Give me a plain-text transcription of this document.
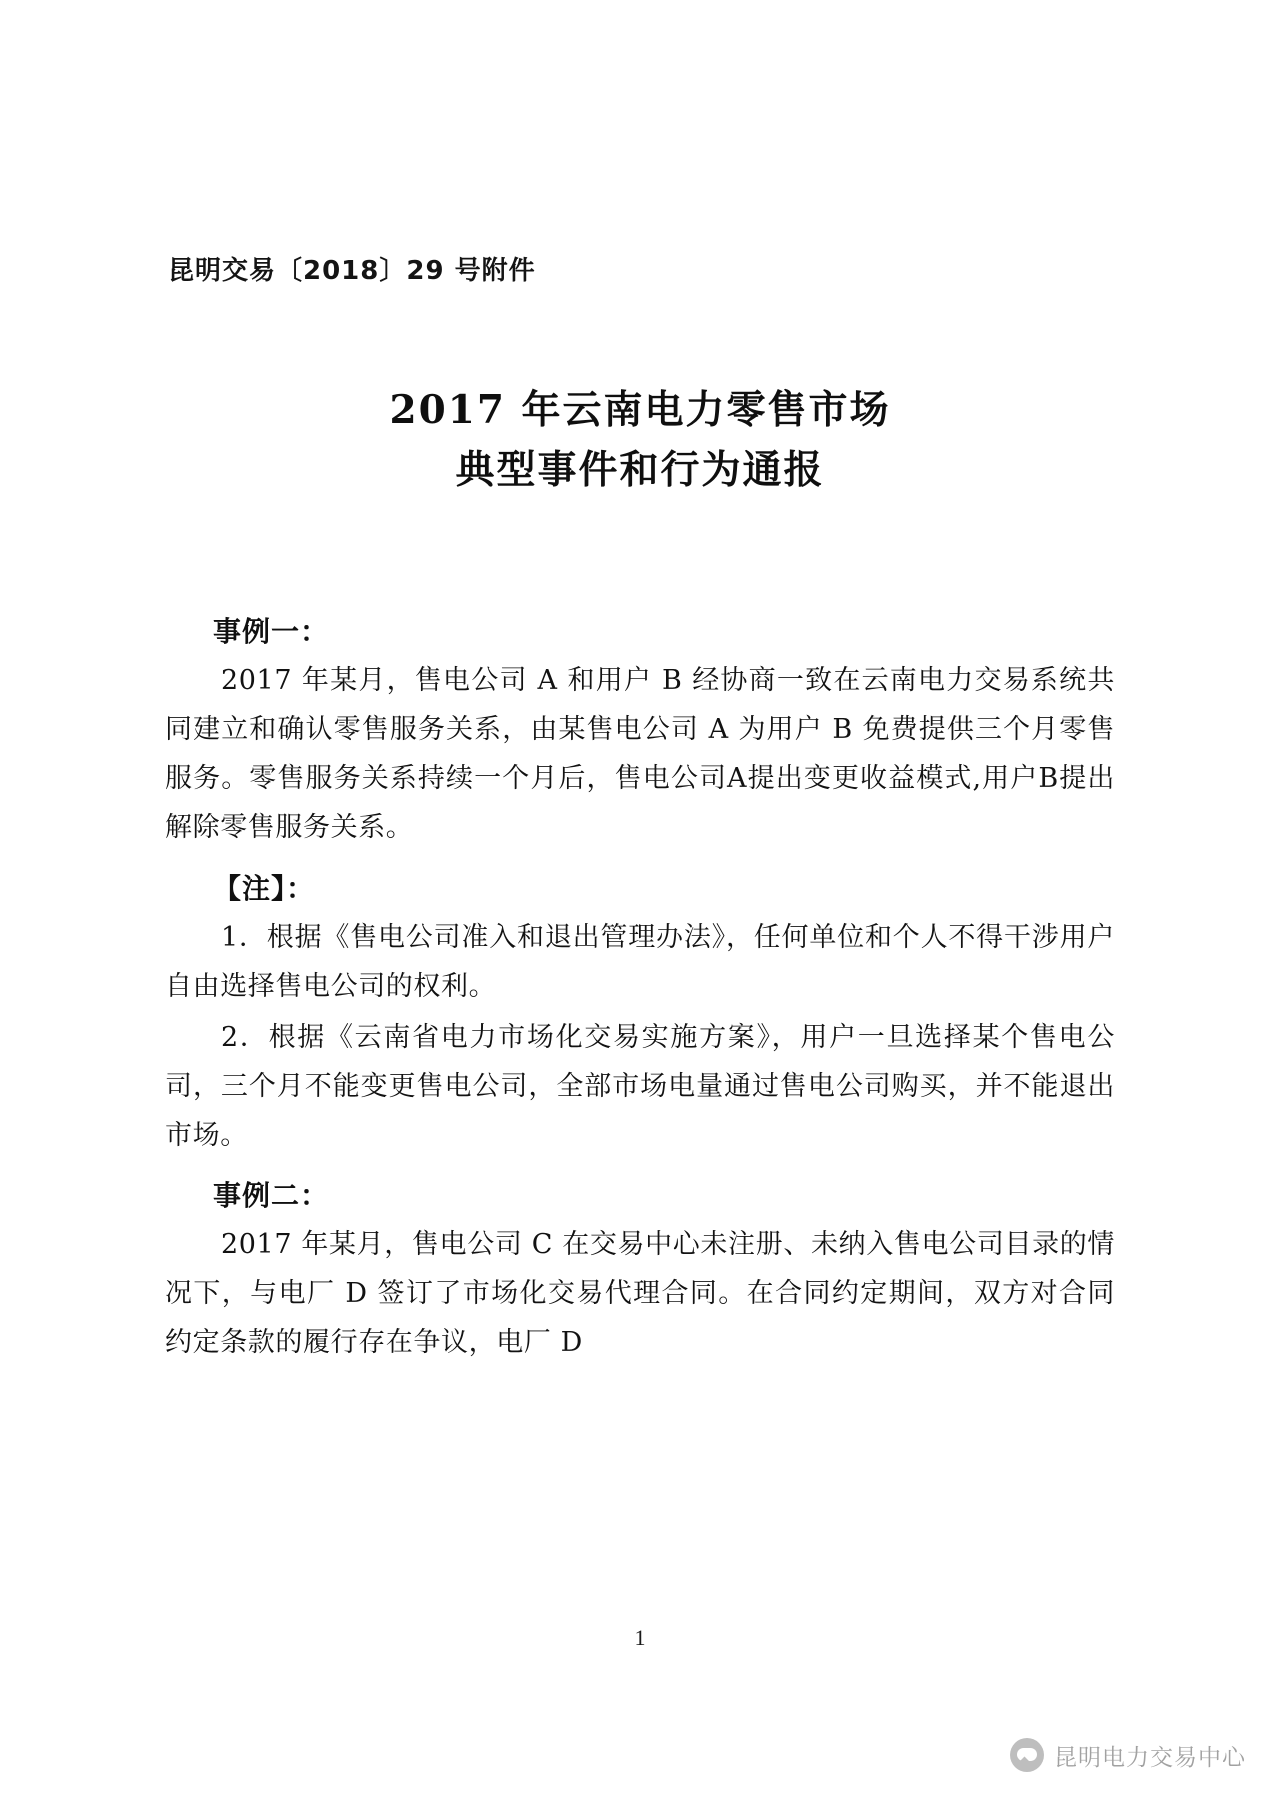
昆明交易〔2018〕29 号附件
2017 年云南电力零售市场
典型事件和行为通报
事例一：

2017 年某月，售电公司 A 和用户 B 经协商一致在云南电力交易系统共同建立和确认零售服务关系，由某售电公司 A 为用户 B 免费提供三个月零售服务。零售服务关系持续一个月后，售电公司A提出变更收益模式,用户B提出解除零售服务关系。

【注】：

1．根据《售电公司准入和退出管理办法》，任何单位和个人不得干涉用户自由选择售电公司的权利。

2．根据《云南省电力市场化交易实施方案》，用户一旦选择某个售电公司，三个月不能变更售电公司，全部市场电量通过售电公司购买，并不能退出市场。

事例二：

2017 年某月，售电公司 C 在交易中心未注册、未纳入售电公司目录的情况下，与电厂 D 签订了市场化交易代理合同。在合同约定期间，双方对合同约定条款的履行存在争议，电厂 D

1
昆明电力交易中心
